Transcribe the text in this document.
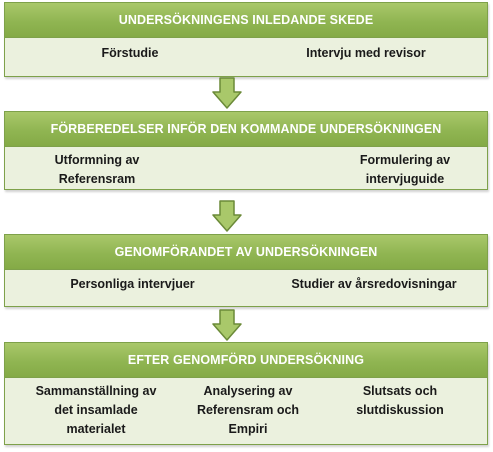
UNDERSÖKNINGENS INLEDANDE SKEDE
Förstudie	Intervju med revisor
FÖRBEREDELSER INFÖR DEN KOMMANDE UNDERSÖKNINGEN
Utformning av
Referensram
Formulering av
intervjuguide
GENOMFÖRANDET AV UNDERSÖKNINGEN
Personliga intervjuer	Studier av årsredovisningar
EFTER GENOMFÖRD UNDERSÖKNING
Sammanställning av
det insamlade
materialet
Analysering av
Referensram och
Empiri
Slutsats och
slutdiskussion
